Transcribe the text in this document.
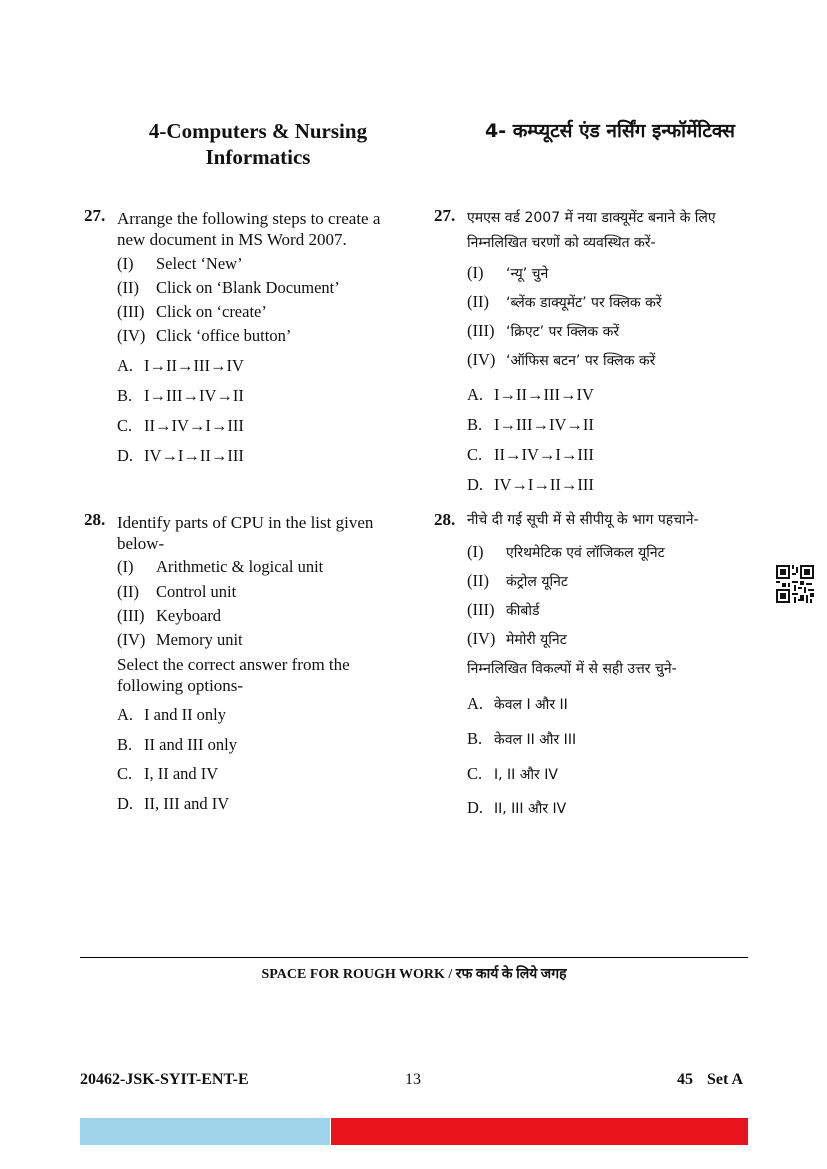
4-Computers & Nursing Informatics
4- कम्प्यूटर्स एंड नर्सिंग इन्फॉर्मेटिक्स
27. Arrange the following steps to create a new document in MS Word 2007.
(I) Select ‘New’
(II) Click on ‘Blank Document’
(III) Click on ‘create’
(IV) Click ‘office button’
A. I→II→III→IV
B. I→III→IV→II
C. II→IV→I→III
D. IV→I→II→III
27. एमएस वर्ड 2007 में नया डाक्यूमेंट बनाने के लिए निम्नलिखित चरणों को व्यवस्थित करें-
(I) ‘न्यू’ चुने
(II) ‘ब्लेंक डाक्यूमेंट’ पर क्लिक करें
(III) ‘क्रिएट’ पर क्लिक करें
(IV) ‘ऑफिस बटन’ पर क्लिक करें
A. I→II→III→IV
B. I→III→IV→II
C. II→IV→I→III
D. IV→I→II→III
28. Identify parts of CPU in the list given below-
(I) Arithmetic & logical unit
(II) Control unit
(III) Keyboard
(IV) Memory unit
Select the correct answer from the following options-
A. I and II only
B. II and III only
C. I, II and IV
D. II, III and IV
28. नीचे दी गई सूची में से सीपीयू के भाग पहचाने-
(I) एरिथमेटिक एवं लॉजिकल यूनिट
(II) कंट्रोल यूनिट
(III) कीबोर्ड
(IV) मेमोरी यूनिट
निम्नलिखित विकल्पों में से सही उत्तर चुने-
A. केवल I और II
B. केवल II और III
C. I, II और IV
D. II, III और IV
SPACE FOR ROUGH WORK / रफ कार्य के लिये जगह
20462-JSK-SYIT-ENT-E	13	45 Set A
